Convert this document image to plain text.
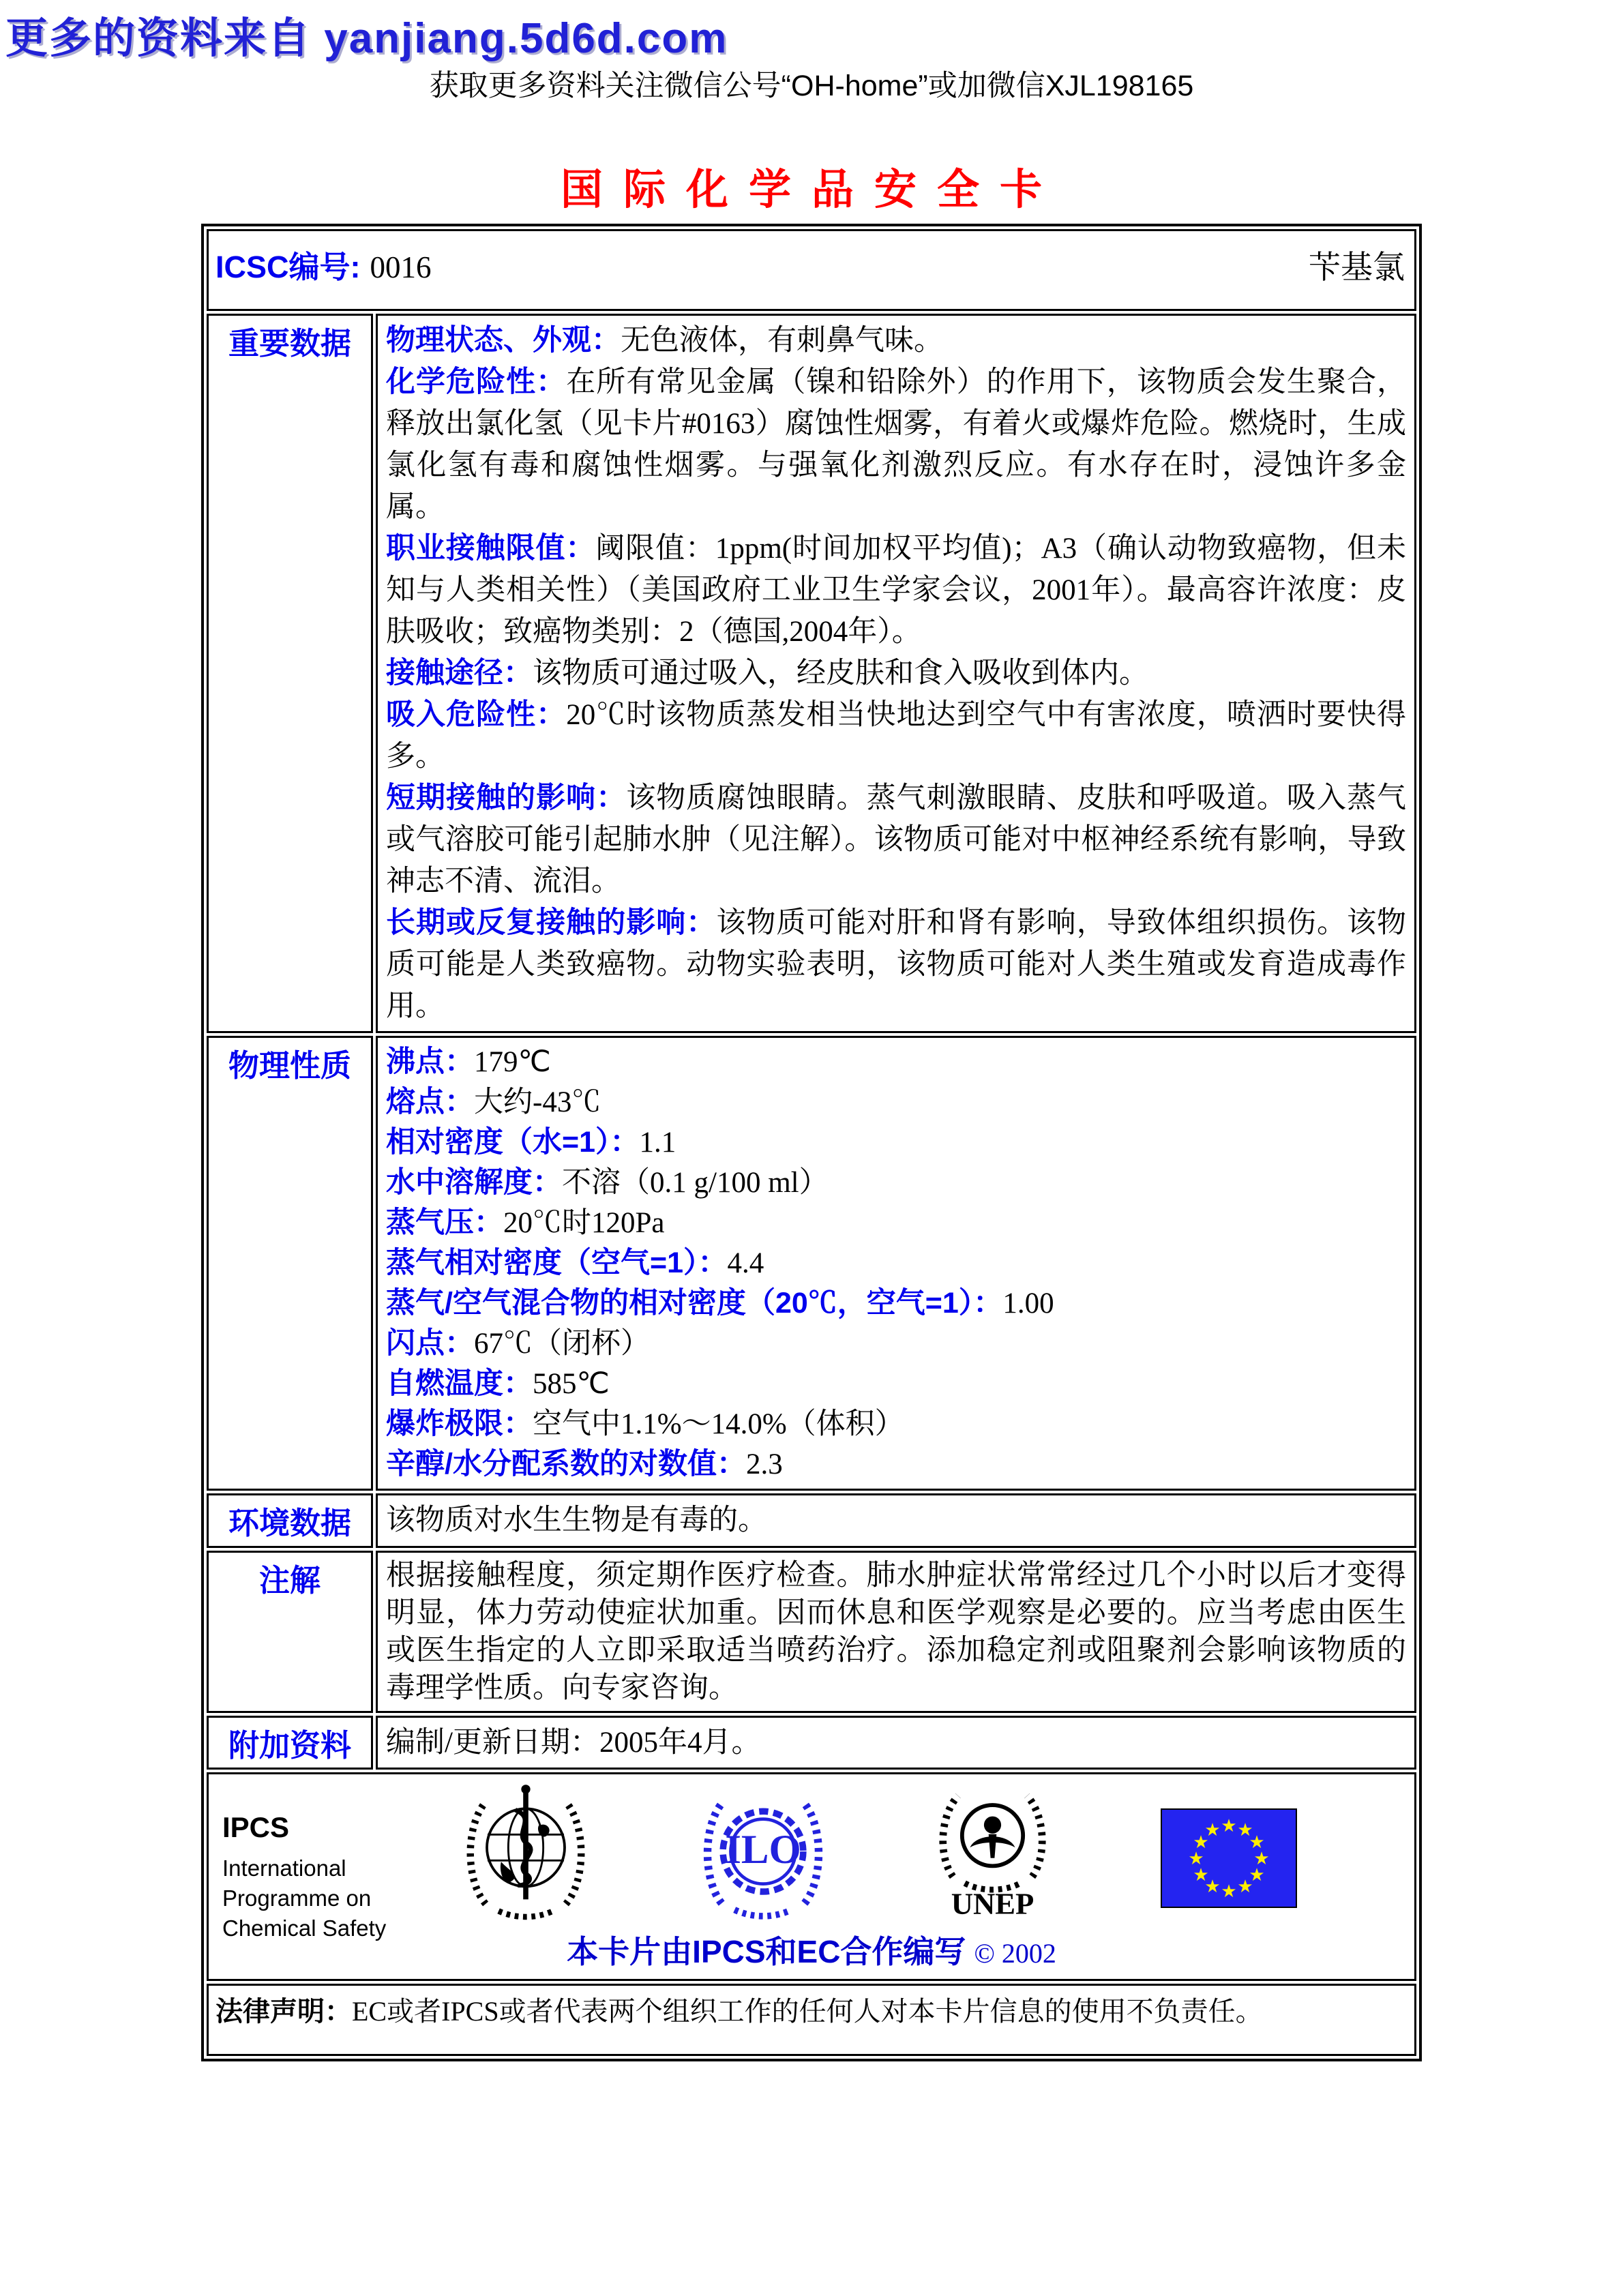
更多的资料来自 yanjiang.5d6d.com
获取更多资料关注微信公号“OH-home”或加微信XJL198165
国际化学品安全卡
ICSC编号: 0016 苄基氯	

重要数据	物理状态、外观：无色液体，有刺鼻气味。

化学危险性：在所有常见金属（镍和铅除外）的作用下，该物质会发生聚合，释放出氯化氢（见卡片#0163）腐蚀性烟雾，有着火或爆炸危险。燃烧时，生成氯化氢有毒和腐蚀性烟雾。与强氧化剂激烈反应。有水存在时，浸蚀许多金属。

职业接触限值：阈限值：1ppm(时间加权平均值)；A3（确认动物致癌物，但未知与人类相关性）（美国政府工业卫生学家会议，2001年）。最高容许浓度：皮肤吸收；致癌物类别：2（德国,2004年）。

接触途径：该物质可通过吸入，经皮肤和食入吸收到体内。

吸入危险性：20℃时该物质蒸发相当快地达到空气中有害浓度，喷洒时要快得多。

短期接触的影响：该物质腐蚀眼睛。蒸气刺激眼睛、皮肤和呼吸道。吸入蒸气或气溶胶可能引起肺水肿（见注解）。该物质可能对中枢神经系统有影响，导致神志不清、流泪。

长期或反复接触的影响：该物质可能对肝和肾有影响，导致体组织损伤。该物质可能是人类致癌物。动物实验表明，该物质可能对人类生殖或发育造成毒作用。

物理性质	沸点：179℃

熔点：大约-43℃

相对密度（水=1）：1.1

水中溶解度：不溶（0.1 g/100 ml）

蒸气压：20℃时120Pa

蒸气相对密度（空气=1）：4.4

蒸气/空气混合物的相对密度（20℃，空气=1）：1.00

闪点：67℃（闭杯）

自燃温度：585℃

爆炸极限：空气中1.1%～14.0%（体积）

辛醇/水分配系数的对数值：2.3

环境数据	该物质对水生生物是有毒的。
注解	根据接触程度，须定期作医疗检查。肺水肿症状常常经过几个小时以后才变得明显，体力劳动使症状加重。因而休息和医学观察是必要的。应当考虑由医生或医生指定的人立即采取适当喷药治疗。添加稳定剂或阻聚剂会影响该物质的毒理学性质。向专家咨询。
附加资料	编制/更新日期：2005年4月。

IPCS
International
Programme on
Chemical Safety
ILO
UNEP
★ ★
★
★
★
★
★
★
★
★
★
★
本卡片由IPCS和EC合作编写 © 2002

法律声明：EC或者IPCS或者代表两个组织工作的任何人对本卡片信息的使用不负责任。	
